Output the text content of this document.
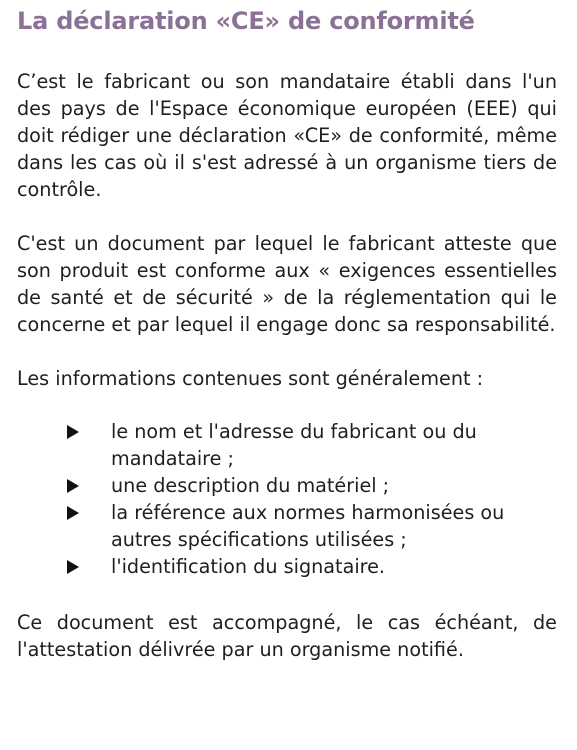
La déclaration «CE» de conformité

C’est le fabricant ou son mandataire établi dans l'un des pays de l'Espace économique européen (EEE) qui doit rédiger une déclaration «CE» de conformité, même dans les cas où il s'est adressé à un organisme tiers de contrôle.

C'est un document par lequel le fabricant atteste que son produit est conforme aux « exigences essentielles de santé et de sécurité » de la réglementation qui le concerne et par lequel il engage donc sa responsabilité.

Les informations contenues sont généralement :

le nom et l'adresse du fabricant ou du mandataire ;
une description du matériel ;
la référence aux normes harmonisées ou autres spécifications utilisées ;
l'identification du signataire.

Ce document est accompagné, le cas échéant, de l'attestation délivrée par un organisme notifié.
